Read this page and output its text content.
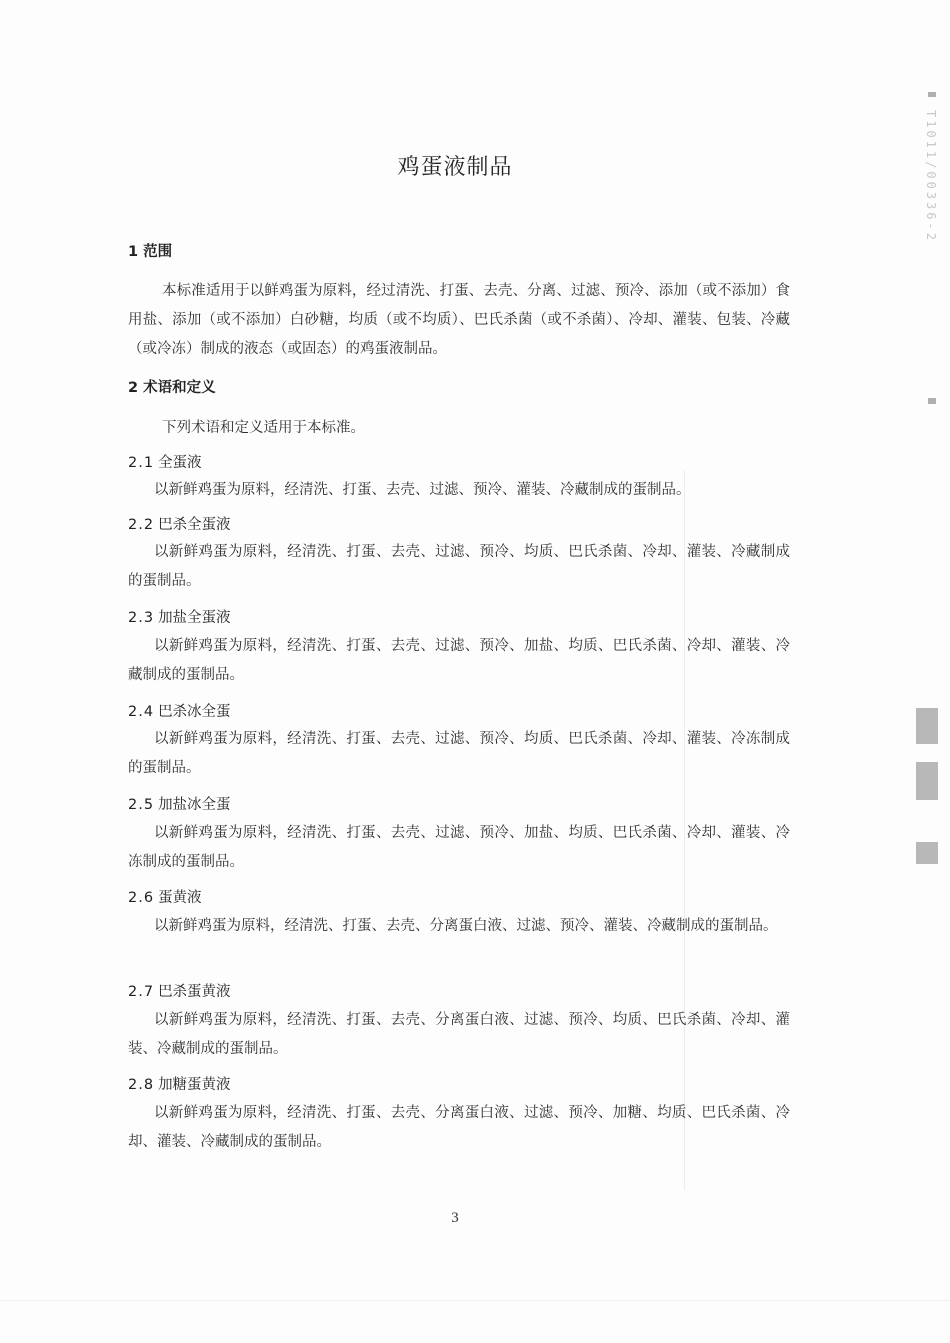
鸡蛋液制品
1 范围
本标准适用于以鲜鸡蛋为原料，经过清洗、打蛋、去壳、分离、过滤、预冷、添加（或不添加）食用盐、添加（或不添加）白砂糖，均质（或不均质）、巴氏杀菌（或不杀菌）、冷却、灌装、包装、冷藏（或冷冻）制成的液态（或固态）的鸡蛋液制品。
2 术语和定义
下列术语和定义适用于本标准。
2.1 全蛋液
以新鲜鸡蛋为原料，经清洗、打蛋、去壳、过滤、预冷、灌装、冷藏制成的蛋制品。
2.2 巴杀全蛋液
以新鲜鸡蛋为原料，经清洗、打蛋、去壳、过滤、预冷、均质、巴氏杀菌、冷却、灌装、冷藏制成的蛋制品。
2.3 加盐全蛋液
以新鲜鸡蛋为原料，经清洗、打蛋、去壳、过滤、预冷、加盐、均质、巴氏杀菌、冷却、灌装、冷藏制成的蛋制品。
2.4 巴杀冰全蛋
以新鲜鸡蛋为原料，经清洗、打蛋、去壳、过滤、预冷、均质、巴氏杀菌、冷却、灌装、冷冻制成的蛋制品。
2.5 加盐冰全蛋
以新鲜鸡蛋为原料，经清洗、打蛋、去壳、过滤、预冷、加盐、均质、巴氏杀菌、冷却、灌装、冷冻制成的蛋制品。
2.6 蛋黄液
以新鲜鸡蛋为原料，经清洗、打蛋、去壳、分离蛋白液、过滤、预冷、灌装、冷藏制成的蛋制品。
2.7 巴杀蛋黄液
以新鲜鸡蛋为原料，经清洗、打蛋、去壳、分离蛋白液、过滤、预冷、均质、巴氏杀菌、冷却、灌装、冷藏制成的蛋制品。
2.8 加糖蛋黄液
以新鲜鸡蛋为原料，经清洗、打蛋、去壳、分离蛋白液、过滤、预冷、加糖、均质、巴氏杀菌、冷却、灌装、冷藏制成的蛋制品。
3
T1011/00336-2
